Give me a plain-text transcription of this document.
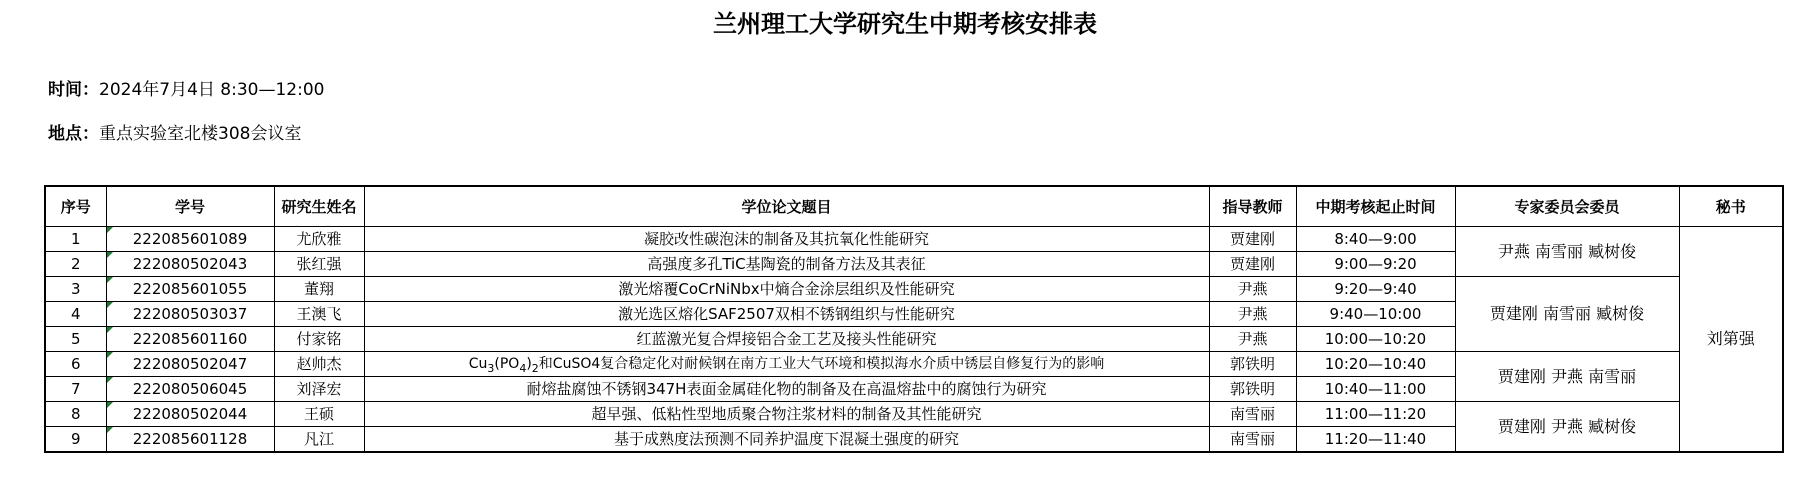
兰州理工大学研究生中期考核安排表
时间：2024年7月4日 8:30—12:00
地点：重点实验室北楼308会议室
序号	学号	研究生姓名	学位论文题目	指导教师	中期考核起止时间	专家委员会委员	秘书
1	222085601089	尤欣雅	凝胶改性碳泡沫的制备及其抗氧化性能研究	贾建刚	8:40—9:00	尹燕 南雪丽 臧树俊	刘第强
2	222080502043	张红强	高强度多孔TiC基陶瓷的制备方法及其表征	贾建刚	9:00—9:20		
3	222085601055	董翔	激光熔覆CoCrNiNbx中熵合金涂层组织及性能研究	尹燕	9:20—9:40	贾建刚 南雪丽 臧树俊	
4	222080503037	王澳飞	激光选区熔化SAF2507双相不锈钢组织与性能研究	尹燕	9:40—10:00		
5	222085601160	付家铭	红蓝激光复合焊接铝合金工艺及接头性能研究	尹燕	10:00—10:20		
6	222080502047	赵帅杰	$Cu_3(PO_4)_2$和CuSO4复合稳定化对耐候钢在南方工业大气环境和模拟海水介质中锈层自修复行为的影响	郭铁明	10:20—10:40	贾建刚 尹燕 南雪丽	
7	222080506045	刘泽宏	耐熔盐腐蚀不锈钢347H表面金属硅化物的制备及在高温熔盐中的腐蚀行为研究	郭铁明	10:40—11:00		
8	222080502044	王硕	超早强、低粘性型地质聚合物注浆材料的制备及其性能研究	南雪丽	11:00—11:20	贾建刚 尹燕 臧树俊	
9	222085601128	凡江	基于成熟度法预测不同养护温度下混凝土强度的研究	南雪丽	11:20—11:40		
